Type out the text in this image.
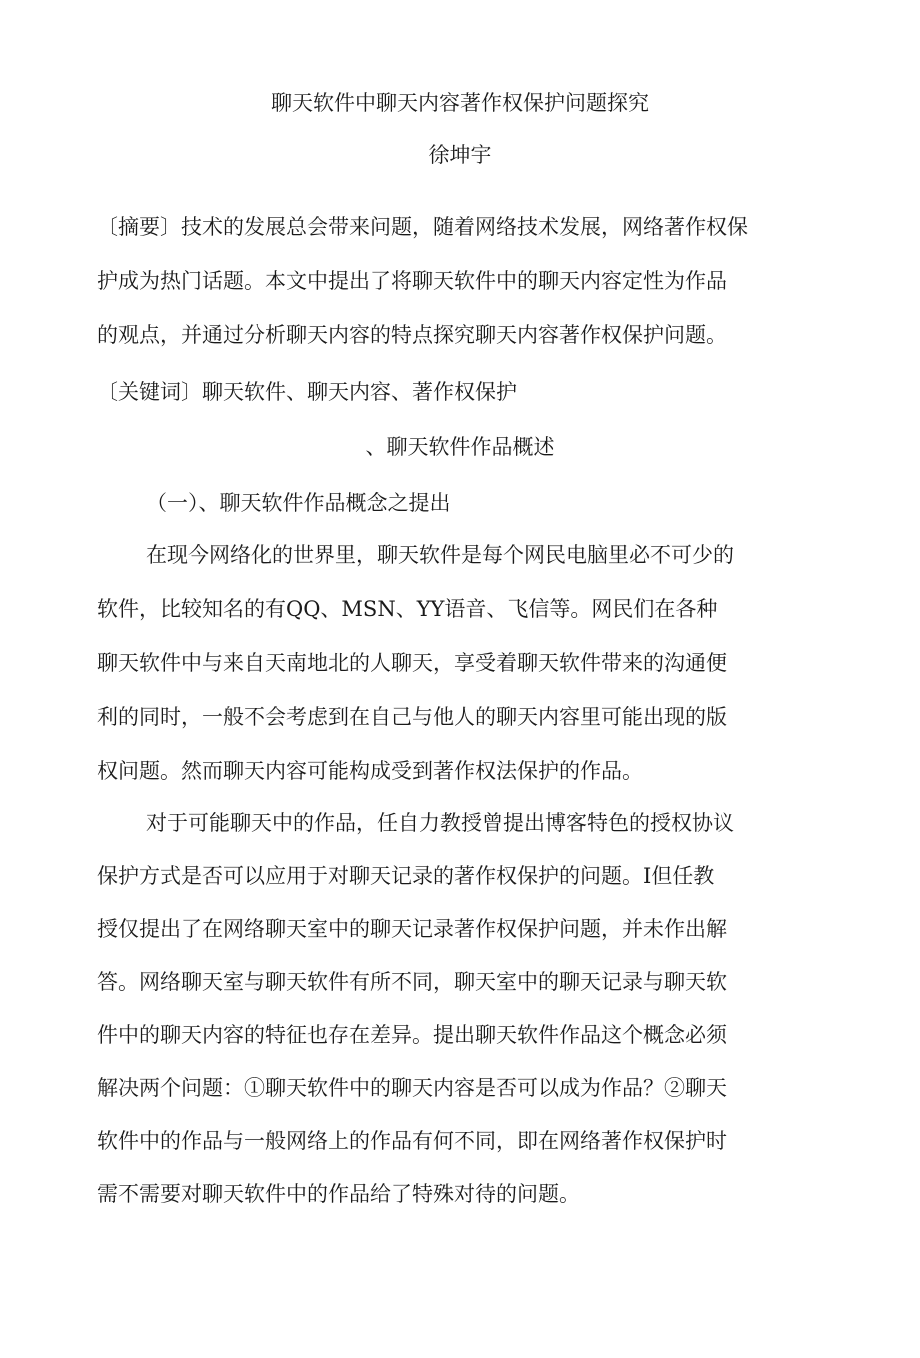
聊天软件中聊天内容著作权保护问题探究
徐坤宇
〔摘要〕技术的发展总会带来问题，随着网络技术发展，网络著作权保
护成为热门话题。本文中提出了将聊天软件中的聊天内容定性为作品
的观点，并通过分析聊天内容的特点探究聊天内容著作权保护问题。
〔关键词〕聊天软件、聊天内容、著作权保护
、聊天软件作品概述
（一）、聊天软件作品概念之提出
在现今网络化的世界里，聊天软件是每个网民电脑里必不可少的
软件，比较知名的有QQ、MSN、YY语音、飞信等。网民们在各种
聊天软件中与来自天南地北的人聊天，享受着聊天软件带来的沟通便
利的同时，一般不会考虑到在自己与他人的聊天内容里可能出现的版
权问题。然而聊天内容可能构成受到著作权法保护的作品。
对于可能聊天中的作品，任自力教授曾提出博客特色的授权协议
保护方式是否可以应用于对聊天记录的著作权保护的问题。I但任教
授仅提出了在网络聊天室中的聊天记录著作权保护问题，并未作出解
答。网络聊天室与聊天软件有所不同，聊天室中的聊天记录与聊天软
件中的聊天内容的特征也存在差异。提出聊天软件作品这个概念必须
解决两个问题：①聊天软件中的聊天内容是否可以成为作品？②聊天
软件中的作品与一般网络上的作品有何不同，即在网络著作权保护时
需不需要对聊天软件中的作品给了特殊对待的问题。
